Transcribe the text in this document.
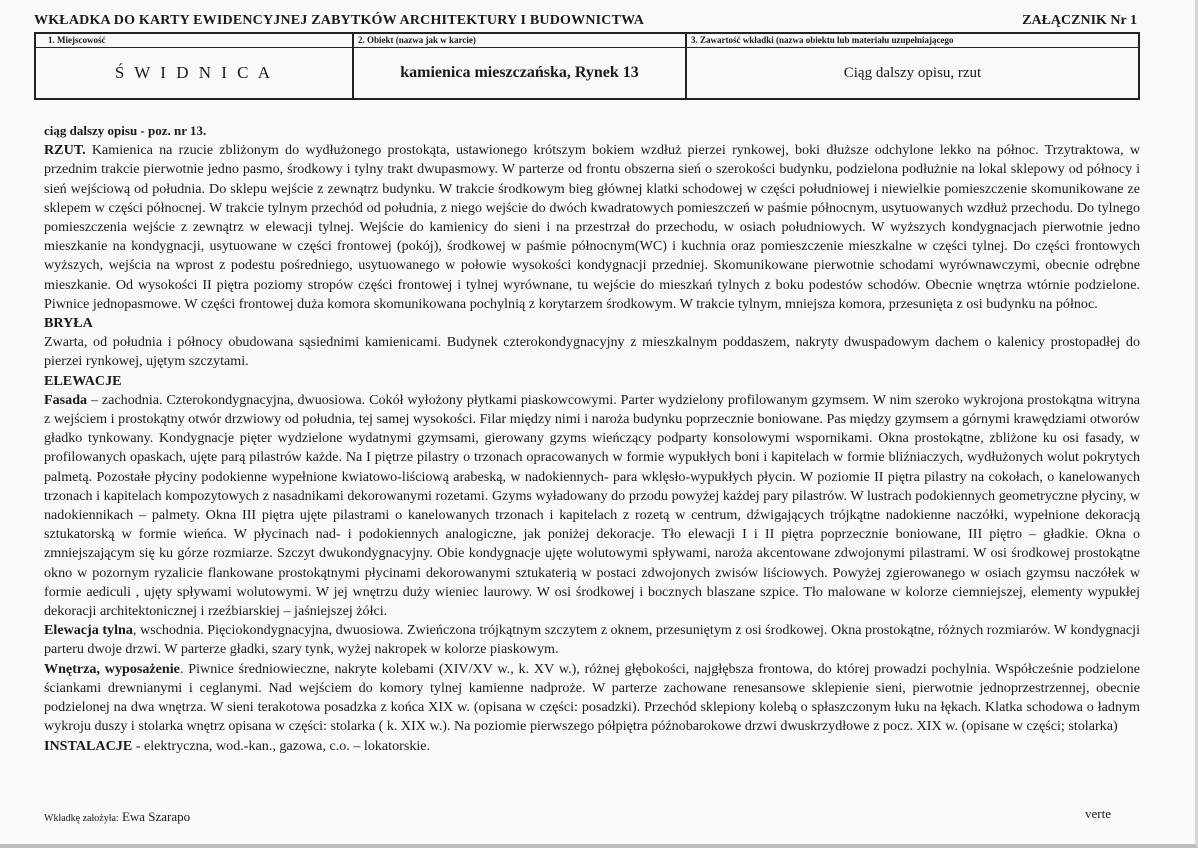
WKŁADKA DO KARTY EWIDENCYJNEJ ZABYTKÓW ARCHITEKTURY I BUDOWNICTWA	ZAŁĄCZNIK Nr 1
1. Miejscowość
Ś W I D N I C A
2. Obiekt (nazwa jak w karcie)
kamienica mieszczańska, Rynek 13
3. Zawartość wkładki (nazwa obiektu lub materiału uzupełniającego
Ciąg dalszy opisu, rzut

ciąg dalszy opisu - poz. nr 13.

RZUT. Kamienica na rzucie zbliżonym do wydłużonego prostokąta, ustawionego krótszym bokiem wzdłuż pierzei rynkowej, boki dłuższe odchylone lekko na północ. Trzytraktowa, w przednim trakcie pierwotnie jedno pasmo, środkowy i tylny trakt dwupasmowy. W parterze od frontu obszerna sień o szerokości budynku, podzielona podłużnie na lokal sklepowy od północy i sień wejściową od południa. Do sklepu wejście z zewnątrz budynku. W trakcie środkowym bieg głównej klatki schodowej w części południowej i niewielkie pomieszczenie skomunikowane ze sklepem w części północnej. W trakcie tylnym przechód od południa, z niego wejście do dwóch kwadratowych pomieszczeń w paśmie północnym, usytuowanych wzdłuż przechodu. Do tylnego pomieszczenia wejście z zewnątrz w elewacji tylnej. Wejście do kamienicy do sieni i na przestrzał do przechodu, w osiach południowych. W wyższych kondygnacjach pierwotnie jedno mieszkanie na kondygnacji, usytuowane w części frontowej (pokój), środkowej w paśmie północnym(WC) i kuchnia oraz pomieszczenie mieszkalne w części tylnej. Do części frontowych wyższych, wejścia na wprost z podestu pośredniego, usytuowanego w połowie wysokości kondygnacji przedniej. Skomunikowane pierwotnie schodami wyrównawczymi, obecnie odrębne mieszkanie. Od wysokości II piętra poziomy stropów części frontowej i tylnej wyrównane, tu wejście do mieszkań tylnych z boku podestów schodów. Obecnie wnętrza wtórnie podzielone. Piwnice jednopasmowe. W części frontowej duża komora skomunikowana pochylnią z korytarzem środkowym. W trakcie tylnym, mniejsza komora, przesunięta z osi budynku na północ.

BRYŁA

Zwarta, od południa i północy obudowana sąsiednimi kamienicami. Budynek czterokondygnacyjny z mieszkalnym poddaszem, nakryty dwuspadowym dachem o kalenicy prostopadłej do pierzei rynkowej, ujętym szczytami.

ELEWACJE

Fasada – zachodnia. Czterokondygnacyjna, dwuosiowa. Cokół wyłożony płytkami piaskowcowymi. Parter wydzielony profilowanym gzymsem. W nim szeroko wykrojona prostokątna witryna z wejściem i prostokątny otwór drzwiowy od południa, tej samej wysokości. Filar między nimi i naroża budynku poprzecznie boniowane. Pas między gzymsem a górnymi krawędziami otworów gładko tynkowany. Kondygnacje pięter wydzielone wydatnymi gzymsami, gierowany gzyms wieńczący podparty konsolowymi wspornikami. Okna prostokątne, zbliżone ku osi fasady, w profilowanych opaskach, ujęte parą pilastrów każde. Na I piętrze pilastry o trzonach opracowanych w formie wypukłych boni i kapitelach w formie bliźniaczych, wydłużonych wolut pokrytych palmetą. Pozostałe płyciny podokienne wypełnione kwiatowo-liściową arabeską, w nadokiennych- para wklęsło-wypukłych płycin. W poziomie II piętra pilastry na cokołach, o kanelowanych trzonach i kapitelach kompozytowych z nasadnikami dekorowanymi rozetami. Gzyms wyładowany do przodu powyżej każdej pary pilastrów. W lustrach podokiennych geometryczne płyciny, w nadokiennikach – palmety. Okna III piętra ujęte pilastrami o kanelowanych trzonach i kapitelach z rozetą w centrum, dźwigających trójkątne nadokienne naczółki, wypełnione dekoracją sztukatorską w formie wieńca. W płycinach nad- i podokiennych analogiczne, jak poniżej dekoracje. Tło elewacji I i II piętra poprzecznie boniowane, III piętro – gładkie. Okna o zmniejszającym się ku górze rozmiarze. Szczyt dwukondygnacyjny. Obie kondygnacje ujęte wolutowymi spływami, naroża akcentowane zdwojonymi pilastrami. W osi środkowej prostokątne okno w pozornym ryzalicie flankowane prostokątnymi płycinami dekorowanymi sztukaterią w postaci zdwojonych zwisów liściowych. Powyżej zgierowanego w osiach gzymsu naczółek w formie aediculi , ujęty spływami wolutowymi. W jej wnętrzu duży wieniec laurowy. W osi środkowej i bocznych blaszane szpice. Tło malowane w kolorze ciemniejszej, elementy wypukłej dekoracji architektonicznej i rzeźbiarskiej – jaśniejszej żółci.

Elewacja tylna, wschodnia. Pięciokondygnacyjna, dwuosiowa. Zwieńczona trójkątnym szczytem z oknem, przesuniętym z osi środkowej. Okna prostokątne, różnych rozmiarów. W kondygnacji parteru dwoje drzwi. W parterze gładki, szary tynk, wyżej nakropek w kolorze piaskowym.

Wnętrza, wyposażenie. Piwnice średniowieczne, nakryte kolebami (XIV/XV w., k. XV w.), różnej głębokości, najgłębsza frontowa, do której prowadzi pochylnia. Współcześnie podzielone ściankami drewnianymi i ceglanymi. Nad wejściem do komory tylnej kamienne nadproże. W parterze zachowane renesansowe sklepienie sieni, pierwotnie jednoprzestrzennej, obecnie podzielonej na dwa wnętrza. W sieni terakotowa posadzka z końca XIX w. (opisana w części: posadzki). Przechód sklepiony kolebą o spłaszczonym łuku na łękach. Klatka schodowa o ładnym wykroju duszy i stolarka wnętrz opisana w części: stolarka ( k. XIX w.). Na poziomie pierwszego półpiętra późnobarokowe drzwi dwuskrzydłowe z pocz. XIX w. (opisane w części; stolarka)

INSTALACJE - elektryczna, wod.-kan., gazowa, c.o. – lokatorskie.

Wkładkę założyła: Ewa Szarapo	verte
